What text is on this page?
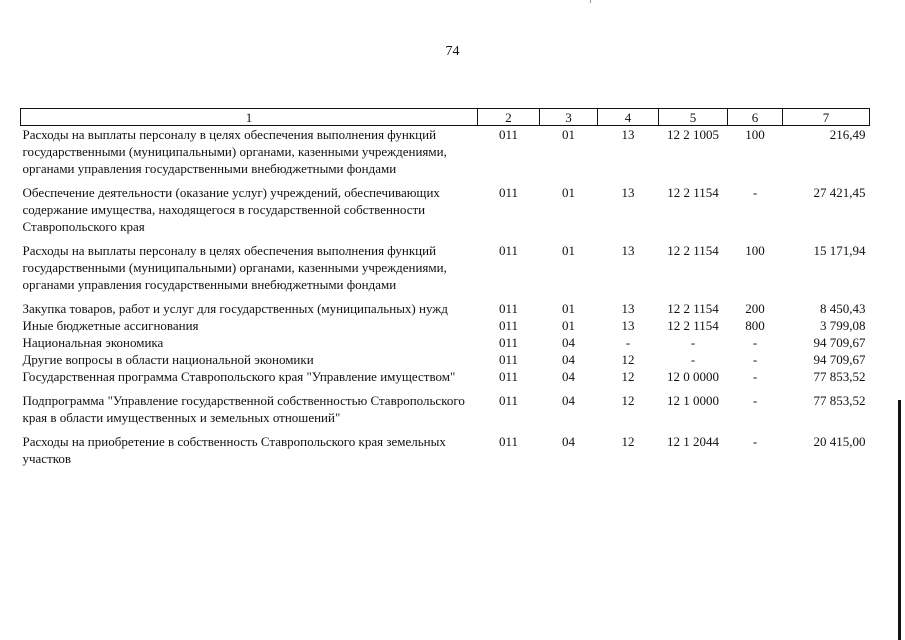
74
1	2	3	4	5	6	7
Расходы на выплаты персоналу в целях обеспечения выполнения функций государственными (муниципальными) органами, казенными учреждениями, органами управления государственными внебюджетными фондами	011	01	13	12 2 1005	100	216,49
Обеспечение деятельности (оказание услуг) учреждений, обеспечивающих содержание имущества, находящегося в государственной собственности Ставропольского края	011	01	13	12 2 1154	-	27 421,45
Расходы на выплаты персоналу в целях обеспечения выполнения функций государственными (муниципальными) органами, казенными учреждениями, органами управления государственными внебюджетными фондами	011	01	13	12 2 1154	100	15 171,94
Закупка товаров, работ и услуг для государственных (муниципальных) нужд	011	01	13	12 2 1154	200	8 450,43
Иные бюджетные ассигнования	011	01	13	12 2 1154	800	3 799,08
Национальная экономика	011	04	-	-	-	94 709,67
Другие вопросы в области национальной экономики	011	04	12	-	-	94 709,67
Государственная программа Ставропольского края "Управление имуществом"	011	04	12	12 0 0000	-	77 853,52
Подпрограмма "Управление государственной собственностью Ставропольского края в области имущественных и земельных отношений"	011	04	12	12 1 0000	-	77 853,52
Расходы на приобретение в собственность Ставропольского края земельных участков	011	04	12	12 1 2044	-	20 415,00
